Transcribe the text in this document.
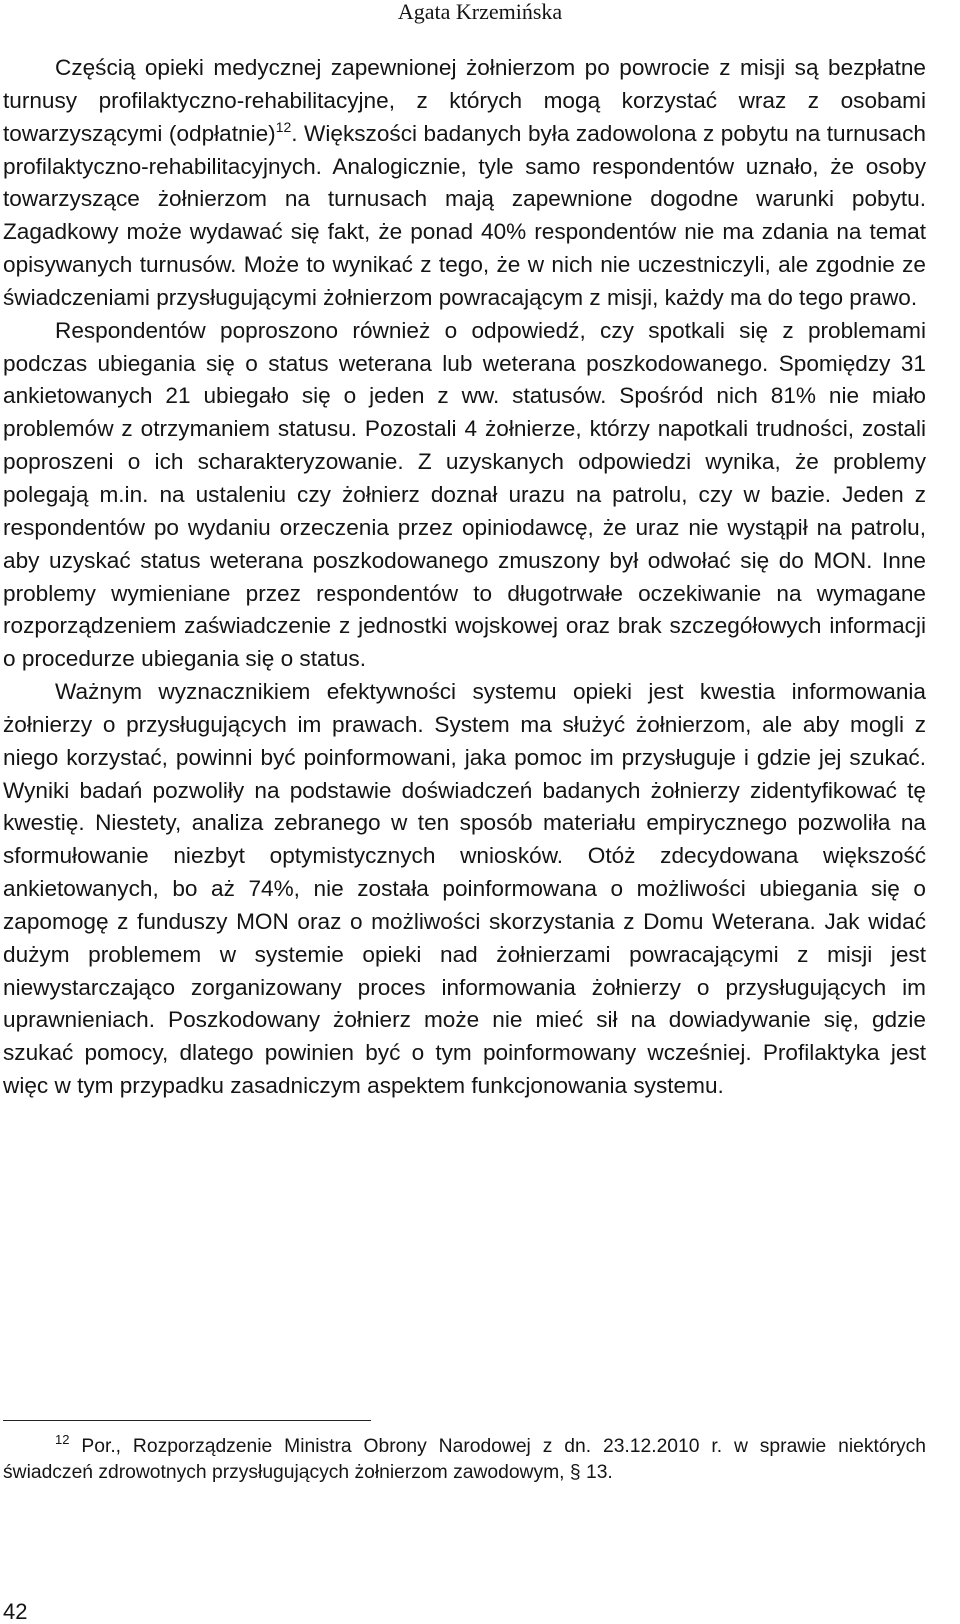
Agata Krzemińska

Częścią opieki medycznej zapewnionej żołnierzom po powrocie z misji są bezpłatne turnusy profilaktyczno-rehabilitacyjne, z których mogą korzystać wraz z osobami towarzyszącymi (odpłatnie)$^{12}$. Większości badanych była zadowolona z pobytu na turnusach profilaktyczno-rehabilitacyjnych. Analogicznie, tyle samo respondentów uznało, że osoby towarzyszące żołnierzom na turnusach mają zapewnione dogodne warunki pobytu. Zagadkowy może wydawać się fakt, że ponad 40% respondentów nie ma zdania na temat opisywanych turnusów. Może to wynikać z tego, że w nich nie uczestniczyli, ale zgodnie ze świadczeniami przysługującymi żołnierzom powracającym z misji, każdy ma do tego prawo.

Respondentów poproszono również o odpowiedź, czy spotkali się z problemami podczas ubiegania się o status weterana lub weterana poszkodowanego. Spomiędzy 31 ankietowanych 21 ubiegało się o jeden z ww. statusów. Spośród nich 81% nie miało problemów z otrzymaniem statusu. Pozostali 4 żołnierze, którzy napotkali trudności, zostali poproszeni o ich scharakteryzowanie. Z uzyskanych odpowiedzi wynika, że problemy polegają m.in. na ustaleniu czy żołnierz doznał urazu na patrolu, czy w bazie. Jeden z respondentów po wydaniu orzeczenia przez opiniodawcę, że uraz nie wystąpił na patrolu, aby uzyskać status weterana poszkodowanego zmuszony był odwołać się do MON. Inne problemy wymieniane przez respondentów to długotrwałe oczekiwanie na wymagane rozporządzeniem zaświadczenie z jednostki wojskowej oraz brak szczegółowych informacji o procedurze ubiegania się o status.

Ważnym wyznacznikiem efektywności systemu opieki jest kwestia informowania żołnierzy o przysługujących im prawach. System ma służyć żołnierzom, ale aby mogli z niego korzystać, powinni być poinformowani, jaka pomoc im przysługuje i gdzie jej szukać. Wyniki badań pozwoliły na podstawie doświadczeń badanych żołnierzy zidentyfikować tę kwestię. Niestety, analiza zebranego w ten sposób materiału empirycznego pozwoliła na sformułowanie niezbyt optymistycznych wniosków. Otóż zdecydowana większość ankietowanych, bo aż 74%, nie została poinformowana o możliwości ubiegania się o zapomogę z funduszy MON oraz o możliwości skorzystania z Domu Weterana. Jak widać dużym problemem w systemie opieki nad żołnierzami powracającymi z misji jest niewystarczająco zorganizowany proces informowania żołnierzy o przysługujących im uprawnieniach. Poszkodowany żołnierz może nie mieć sił na dowiadywanie się, gdzie szukać pomocy, dlatego powinien być o tym poinformowany wcześniej. Profilaktyka jest więc w tym przypadku zasadniczym aspektem funkcjonowania systemu.

$^{12}$ Por., Rozporządzenie Ministra Obrony Narodowej z dn. 23.12.2010 r. w sprawie niektórych świadczeń zdrowotnych przysługujących żołnierzom zawodowym, § 13.

42
